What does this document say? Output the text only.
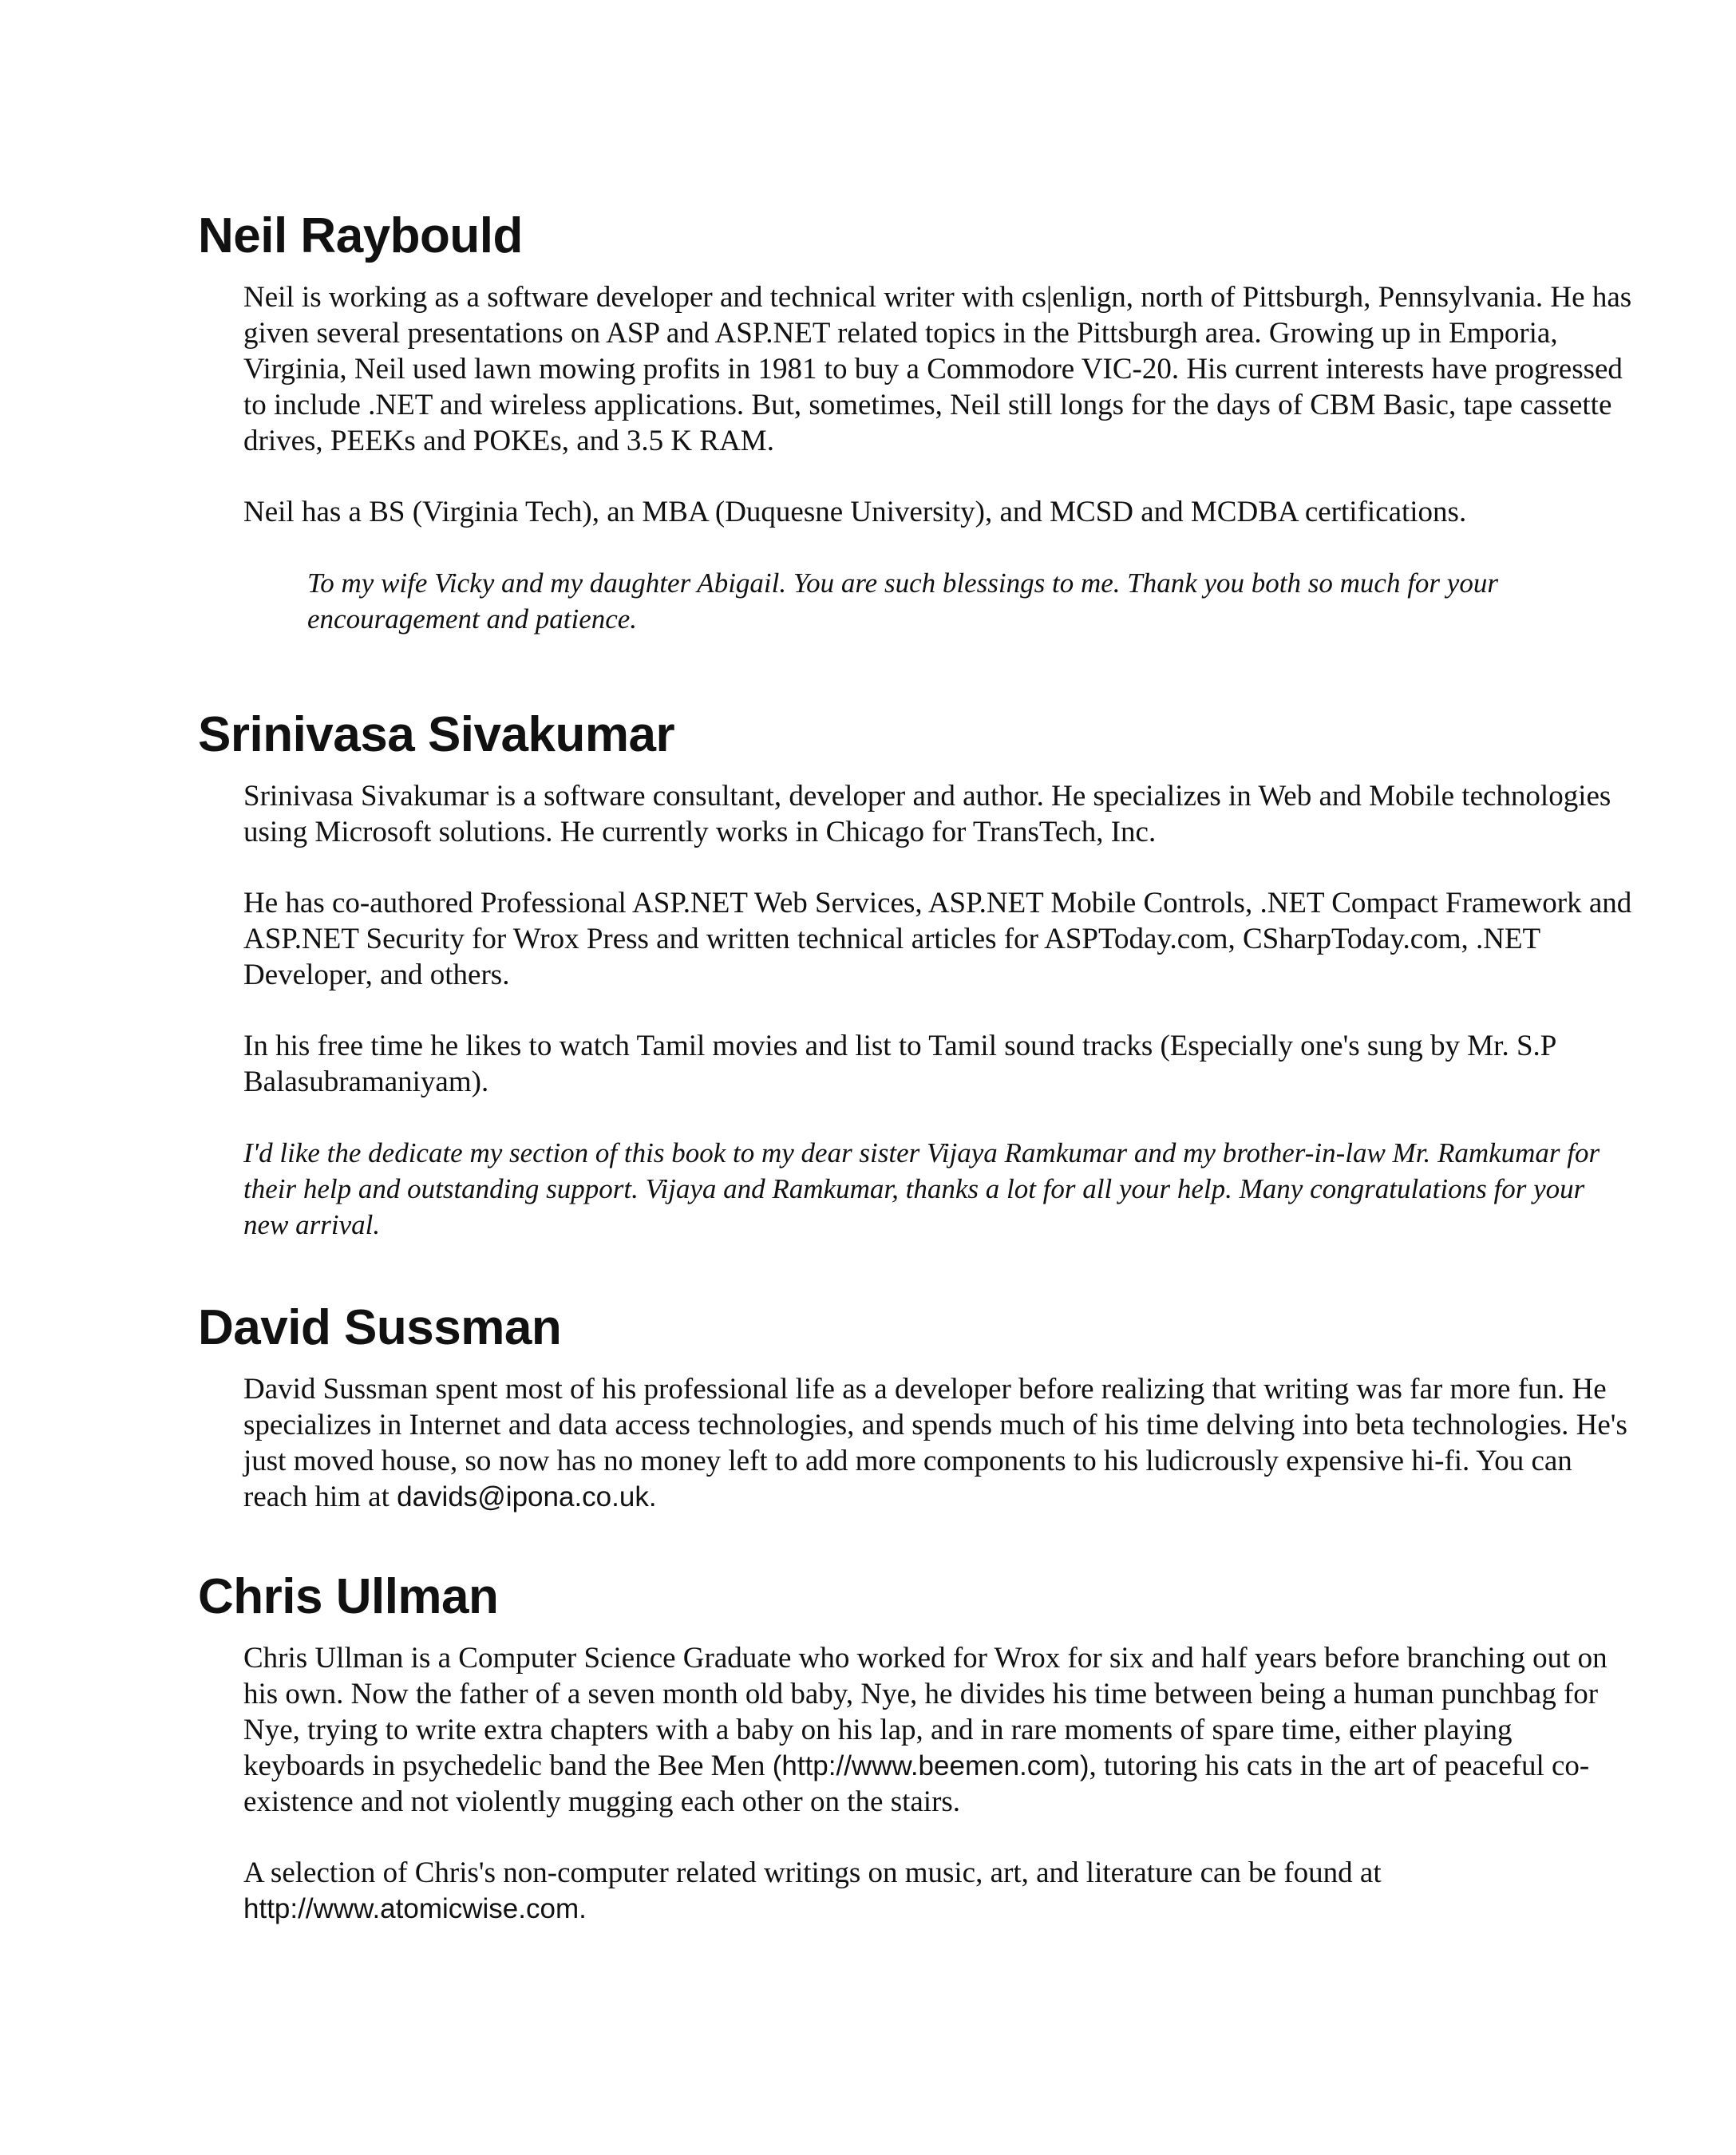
Neil Raybould

Neil is working as a software developer and technical writer with cs|enlign, north of Pittsburgh, Pennsylvania. He has given several presentations on ASP and ASP.NET related topics in the Pittsburgh area. Growing up in Emporia, Virginia, Neil used lawn mowing profits in 1981 to buy a Commodore VIC-20. His current interests have progressed to include .NET and wireless applications. But, sometimes, Neil still longs for the days of CBM Basic, tape cassette drives, PEEKs and POKEs, and 3.5 K RAM.

Neil has a BS (Virginia Tech), an MBA (Duquesne University), and MCSD and MCDBA certifications.

To my wife Vicky and my daughter Abigail. You are such blessings to me. Thank you both so much for your encouragement and patience.

Srinivasa Sivakumar

Srinivasa Sivakumar is a software consultant, developer and author. He specializes in Web and Mobile technologies using Microsoft solutions. He currently works in Chicago for TransTech, Inc.

He has co-authored Professional ASP.NET Web Services, ASP.NET Mobile Controls, .NET Compact Framework and ASP.NET Security for Wrox Press and written technical articles for ASPToday.com, CSharpToday.com, .NET Developer, and others.

In his free time he likes to watch Tamil movies and list to Tamil sound tracks (Especially one's sung by Mr. S.P Balasubramaniyam).

I'd like the dedicate my section of this book to my dear sister Vijaya Ramkumar and my brother-in-law Mr. Ramkumar for their help and outstanding support. Vijaya and Ramkumar, thanks a lot for all your help. Many congratulations for your new arrival.

David Sussman

David Sussman spent most of his professional life as a developer before realizing that writing was far more fun. He specializes in Internet and data access technologies, and spends much of his time delving into beta technologies. He's just moved house, so now has no money left to add more components to his ludicrously expensive hi-fi. You can reach him at davids@ipona.co.uk.

Chris Ullman

Chris Ullman is a Computer Science Graduate who worked for Wrox for six and half years before branching out on his own. Now the father of a seven month old baby, Nye, he divides his time between being a human punchbag for Nye, trying to write extra chapters with a baby on his lap, and in rare moments of spare time, either playing keyboards in psychedelic band the Bee Men (http://www.beemen.com), tutoring his cats in the art of peaceful co-existence and not violently mugging each other on the stairs.

A selection of Chris's non-computer related writings on music, art, and literature can be found at http://www.atomicwise.com.
